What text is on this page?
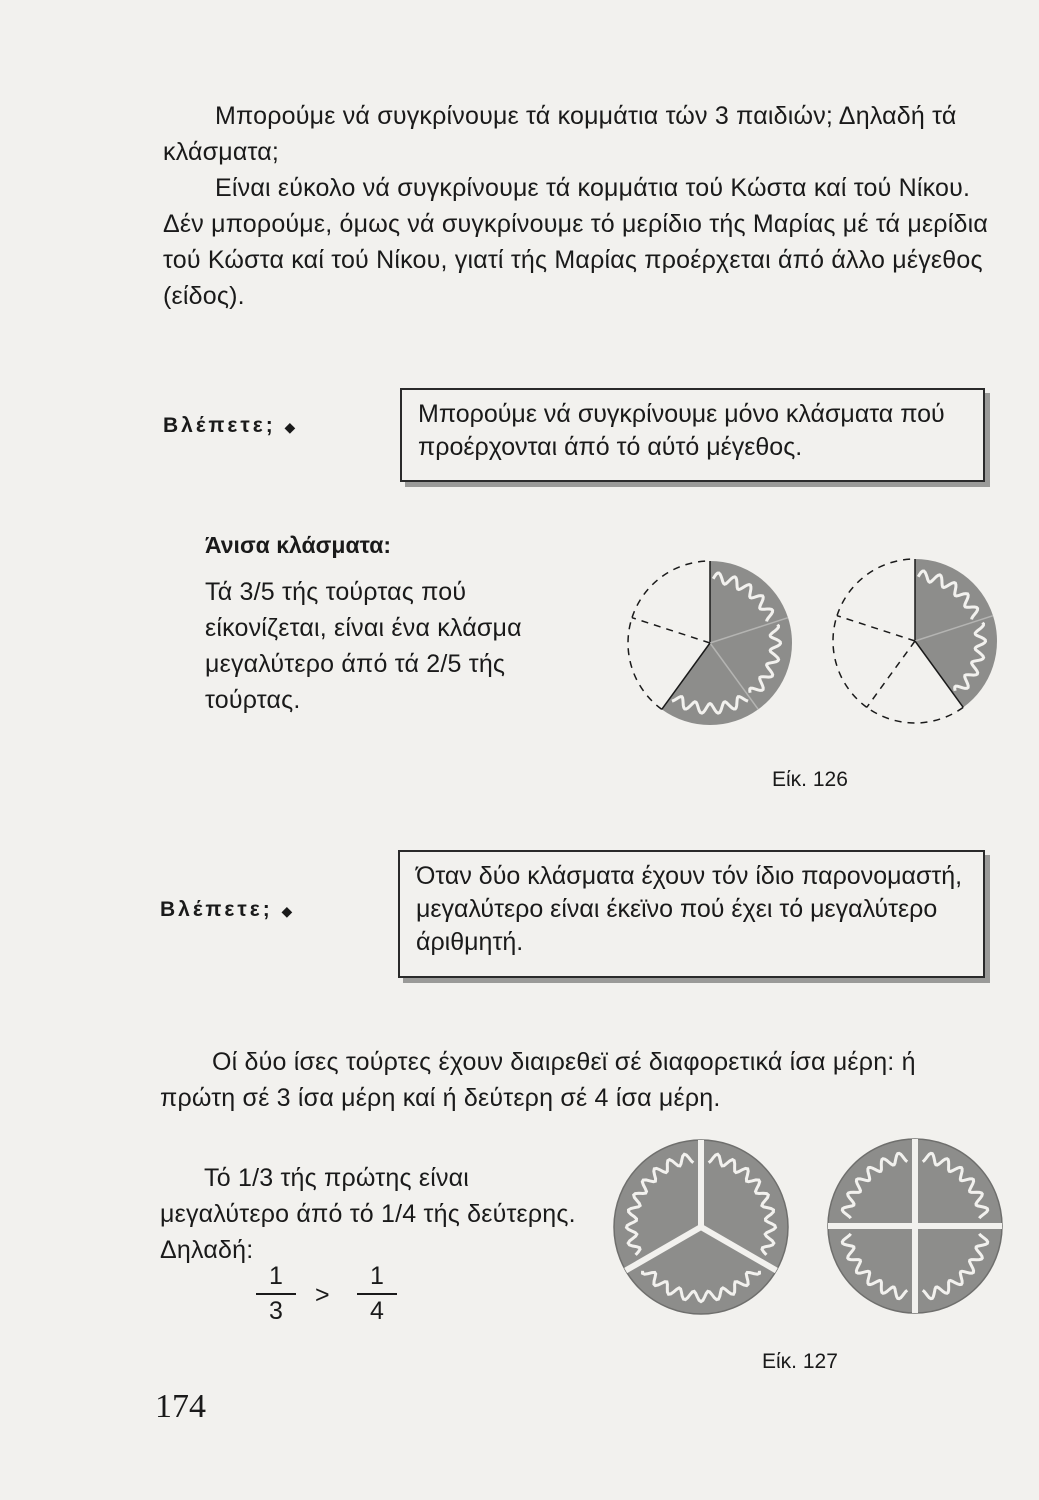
Μπορούμε νά συγκρίνουμε τά κομμάτια τών 3 παιδιών; Δηλαδή τά κλάσματα;

Είναι εύκολο νά συγκρίνουμε τά κομμάτια τού Κώστα καί τού Νίκου. Δέν μπορούμε, όμως νά συγκρίνουμε τό μερίδιο τής Μαρίας μέ τά μερίδια τού Κώστα καί τού Νίκου, γιατί τής Μαρίας προέρχεται άπό άλλο μέγεθος (είδος).

Βλέπετε; ◆	Μπορούμε νά συγκρίνουμε μόνο κλάσματα πού προέρχονται άπό τό αύτό μέγεθος.
Άνισα κλάσματα:

Τά 3/5 τής τούρτας πού είκονίζεται, είναι ένα κλάσμα μεγαλύτερο άπό τά 2/5 τής τούρτας.

Είκ. 126
Βλέπετε; ◆
Όταν δύο κλάσματα έχουν τόν ίδιο παρονομαστή, μεγαλύτερο είναι έκεϊνο πού έχει τό μεγαλύτερο άριθμητή.

Οί δύο ίσες τούρτες έχουν διαιρεθεϊ σέ διαφορετικά ίσα μέρη: ή πρώτη σέ 3 ίσα μέρη καί ή δεύτερη σέ 4 ίσα μέρη.

Τό 1/3 τής πρώτης είναι μεγαλύτερο άπό τό 1/4 τής δεύτερης.

Δηλαδή:
$\frac{1}{3} > \frac{1}{4}$
Είκ. 127
174
